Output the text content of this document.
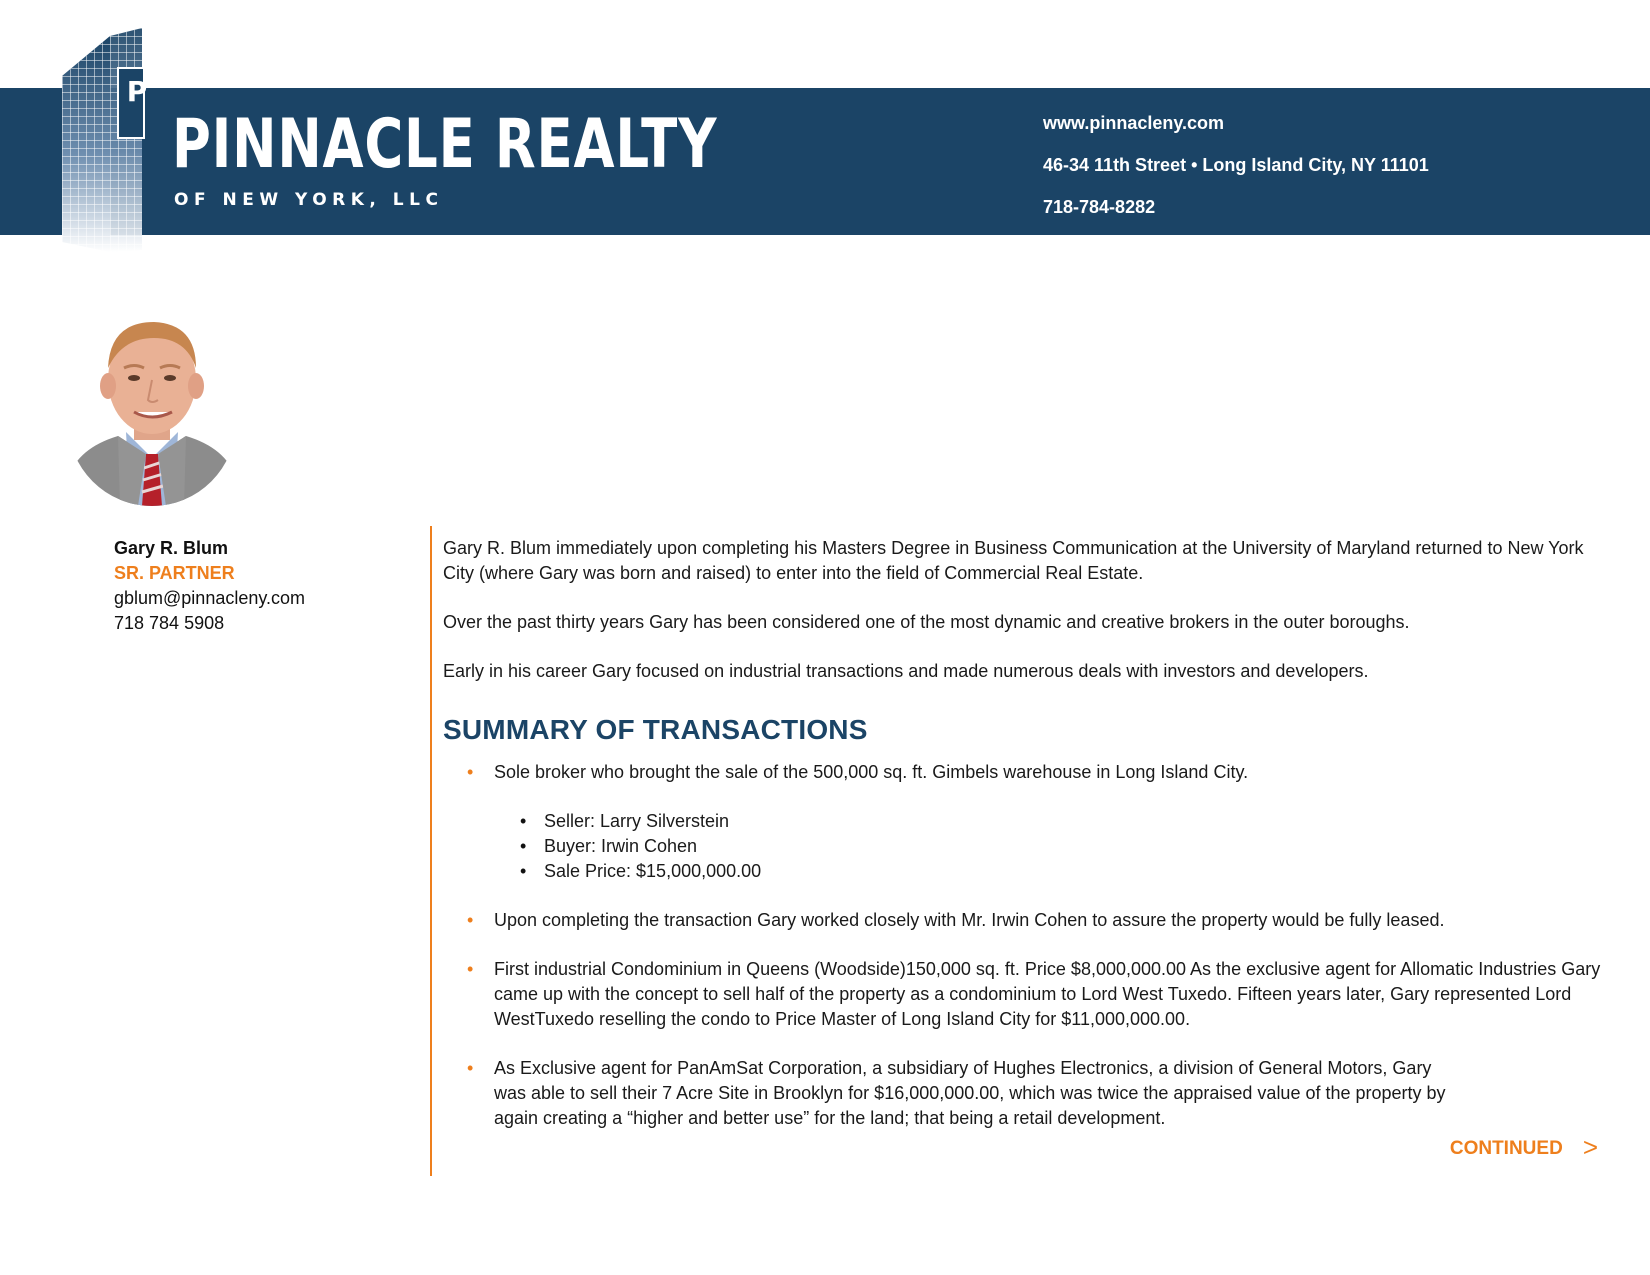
P
PINNACLE REALTY
OF NEW YORK, LLC
www.pinnacleny.com
46-34 11th Street • Long Island City, NY 11101
718-784-8282
Gary R. Blum
SR. PARTNER
gblum@pinnacleny.com
718 784 5908

Gary R. Blum immediately upon completing his Masters Degree in Business Communication at the University of Maryland returned to New York City (where Gary was born and raised) to enter into the field of Commercial Real Estate.

Over the past thirty years Gary has been considered one of the most dynamic and creative brokers in the outer boroughs.

Early in his career Gary focused on industrial transactions and made numerous deals with investors and developers.

SUMMARY OF TRANSACTIONS
• Sole broker who brought the sale of the 500,000 sq. ft. Gimbels warehouse in Long Island City.
• Seller: Larry Silverstein
• Buyer: Irwin Cohen
• Sale Price: $15,000,000.00
• Upon completing the transaction Gary worked closely with Mr. Irwin Cohen to assure the property would be fully leased.
• First industrial Condominium in Queens (Woodside)150,000 sq. ft. Price $8,000,000.00 As the exclusive agent for Allomatic Industries Gary came up with the concept to sell half of the property as a condominium to Lord West Tuxedo. Fifteen years later, Gary represented Lord WestTuxedo reselling the condo to Price Master of Long Island City for $11,000,000.00.
• As Exclusive agent for PanAmSat Corporation, a subsidiary of Hughes Electronics, a division of General Motors, Gary was able to sell their 7 Acre Site in Brooklyn for $16,000,000.00, which was twice the appraised value of the property by again creating a “higher and better use” for the land; that being a retail development.
CONTINUED >
